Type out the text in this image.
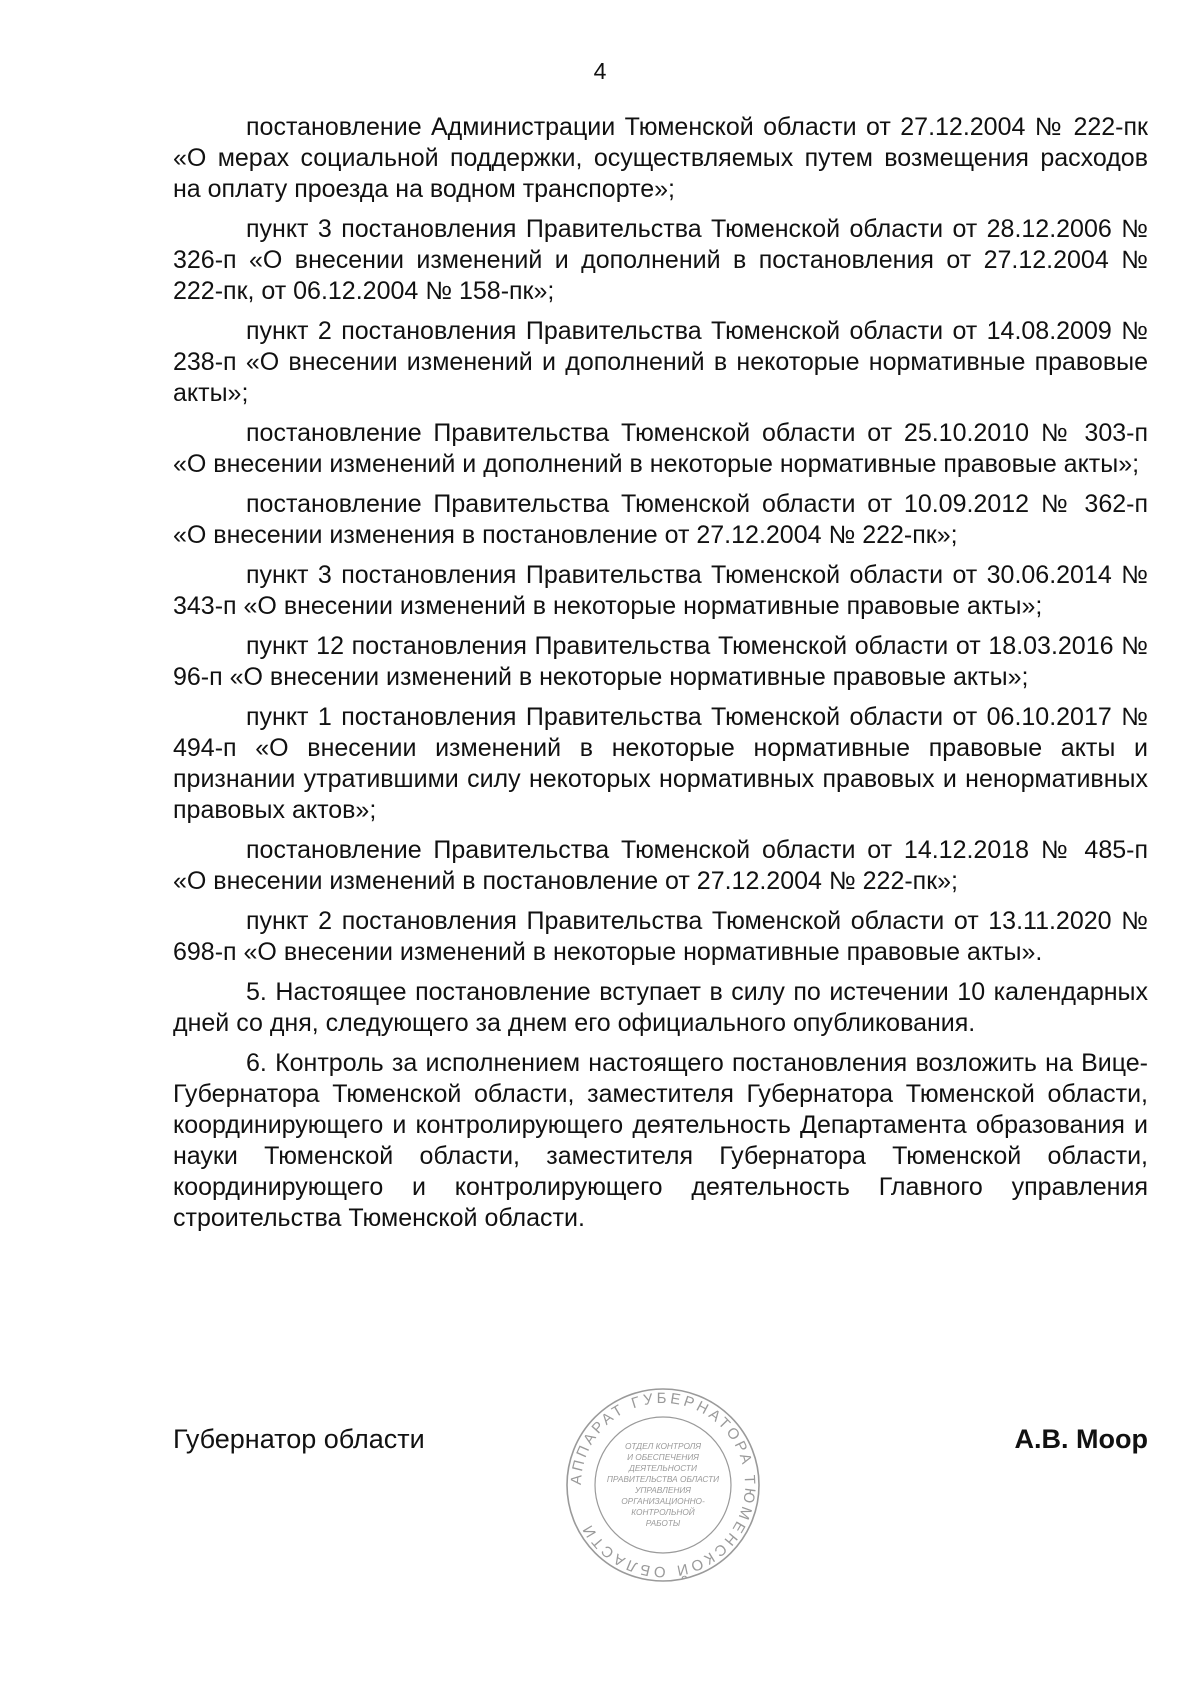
4

постановление Администрации Тюменской области от 27.12.2004 № 222-пк «О мерах социальной поддержки, осуществляемых путем возмещения расходов на оплату проезда на водном транспорте»;

пункт 3 постановления Правительства Тюменской области от 28.12.2006 № 326-п «О внесении изменений и дополнений в постановления от 27.12.2004 № 222-пк, от 06.12.2004 № 158-пк»;

пункт 2 постановления Правительства Тюменской области от 14.08.2009 № 238-п «О внесении изменений и дополнений в некоторые нормативные правовые акты»;

постановление Правительства Тюменской области от 25.10.2010 № 303-п «О внесении изменений и дополнений в некоторые нормативные правовые акты»;

постановление Правительства Тюменской области от 10.09.2012 № 362-п «О внесении изменения в постановление от 27.12.2004 № 222-пк»;

пункт 3 постановления Правительства Тюменской области от 30.06.2014 № 343-п «О внесении изменений в некоторые нормативные правовые акты»;

пункт 12 постановления Правительства Тюменской области от 18.03.2016 № 96-п «О внесении изменений в некоторые нормативные правовые акты»;

пункт 1 постановления Правительства Тюменской области от 06.10.2017 № 494-п «О внесении изменений в некоторые нормативные правовые акты и признании утратившими силу некоторых нормативных правовых и ненормативных правовых актов»;

постановление Правительства Тюменской области от 14.12.2018 № 485-п «О внесении изменений в постановление от 27.12.2004 № 222-пк»;

пункт 2 постановления Правительства Тюменской области от 13.11.2020 № 698-п «О внесении изменений в некоторые нормативные правовые акты».

5. Настоящее постановление вступает в силу по истечении 10 календарных дней со дня, следующего за днем его официального опубликования.

6. Контроль за исполнением настоящего постановления возложить на Вице-Губернатора Тюменской области, заместителя Губернатора Тюменской области, координирующего и контролирующего деятельность Департамента образования и науки Тюменской области, заместителя Губернатора Тюменской области, координирующего и контролирующего деятельность Главного управления строительства Тюменской области.

Губернатор области	А.В. Моор
АППАРАТ ГУБЕРНАТОРА ТЮМЕНСКОЙ ОБЛАСТИ
ОТДЕЛ КОНТРОЛЯ
И ОБЕСПЕЧЕНИЯ
ДЕЯТЕЛЬНОСТИ
ПРАВИТЕЛЬСТВА ОБЛАСТИ
УПРАВЛЕНИЯ
ОРГАНИЗАЦИОННО-
КОНТРОЛЬНОЙ
РАБОТЫ
